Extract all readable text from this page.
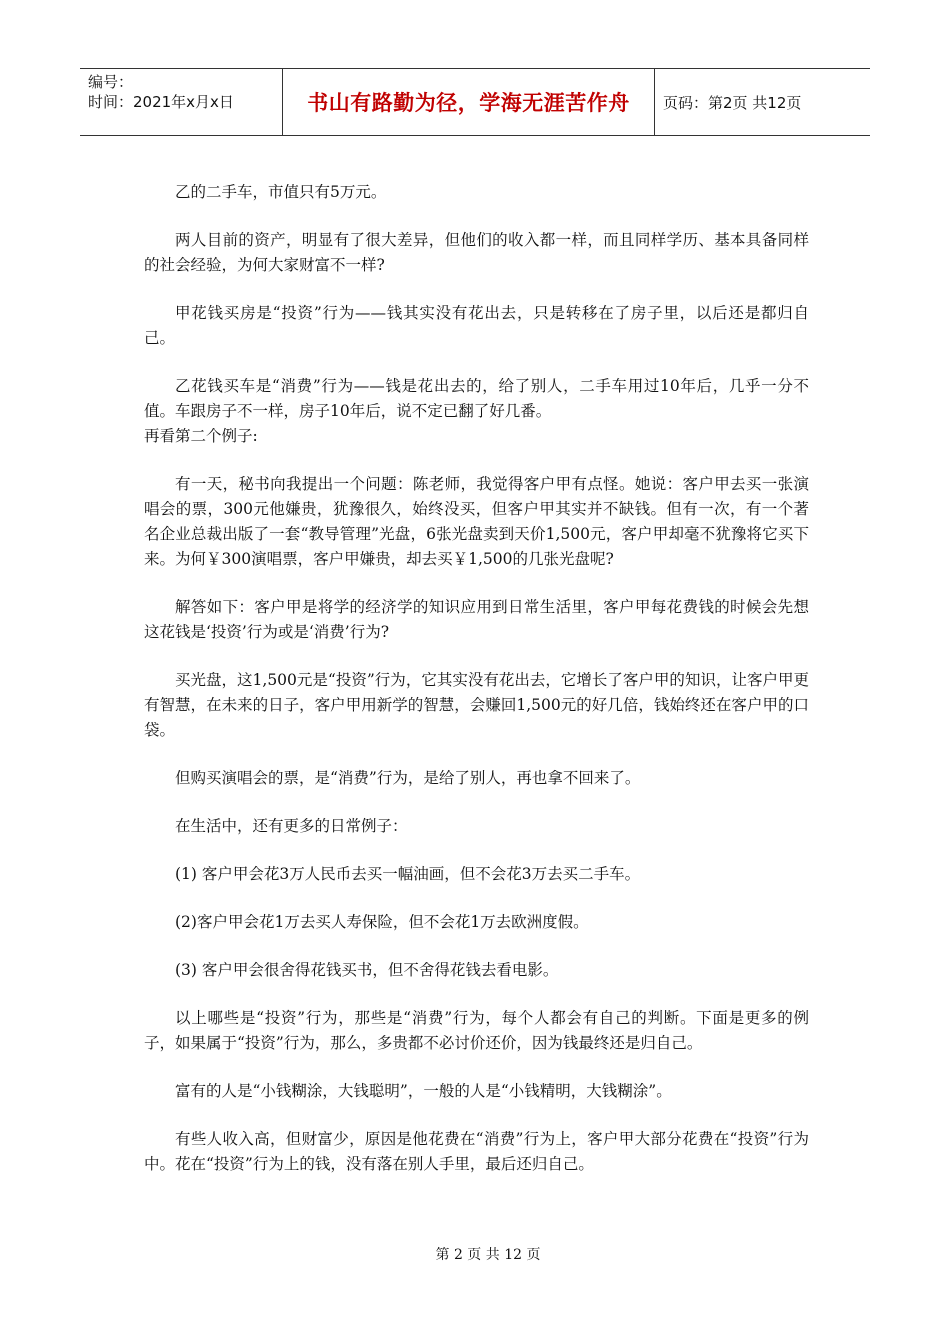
编号：
时间：2021年x月x日	书山有路勤为径，学海无涯苦作舟 页码：第2页 共12页

乙的二手车，市值只有5万元。

两人目前的资产，明显有了很大差异，但他们的收入都一样，而且同样学历、基本具备同样的社会经验，为何大家财富不一样?

甲花钱买房是“投资”行为——钱其实没有花出去，只是转移在了房子里，以后还是都归自己。

乙花钱买车是“消费”行为——钱是花出去的，给了别人，二手车用过10年后，几乎一分不值。车跟房子不一样，房子10年后，说不定已翻了好几番。

再看第二个例子:

有一天，秘书向我提出一个问题：陈老师，我觉得客户甲有点怪。她说：客户甲去买一张演唱会的票，300元他嫌贵，犹豫很久，始终没买，但客户甲其实并不缺钱。但有一次，有一个著名企业总裁出版了一套“教导管理”光盘，6张光盘卖到天价1,500元，客户甲却毫不犹豫将它买下来。为何￥300演唱票，客户甲嫌贵，却去买￥1,500的几张光盘呢?

解答如下：客户甲是将学的经济学的知识应用到日常生活里，客户甲每花费钱的时候会先想这花钱是‘投资’行为或是‘消费’行为?

买光盘，这1,500元是“投资”行为，它其实没有花出去，它增长了客户甲的知识，让客户甲更有智慧，在未来的日子，客户甲用新学的智慧，会赚回1,500元的好几倍，钱始终还在客户甲的口袋。

但购买演唱会的票，是“消费”行为，是给了别人，再也拿不回来了。

在生活中，还有更多的日常例子：

(1) 客户甲会花3万人民币去买一幅油画，但不会花3万去买二手车。

(2)客户甲会花1万去买人寿保险，但不会花1万去欧洲度假。

(3) 客户甲会很舍得花钱买书，但不舍得花钱去看电影。

以上哪些是“投资”行为，那些是“消费”行为，每个人都会有自己的判断。下面是更多的例子，如果属于“投资”行为，那么，多贵都不必讨价还价，因为钱最终还是归自己。

富有的人是“小钱糊涂，大钱聪明”，一般的人是“小钱精明，大钱糊涂”。

有些人收入高，但财富少，原因是他花费在“消费”行为上，客户甲大部分花费在“投资”行为中。花在“投资”行为上的钱，没有落在别人手里，最后还归自己。

第 2 页 共 12 页
